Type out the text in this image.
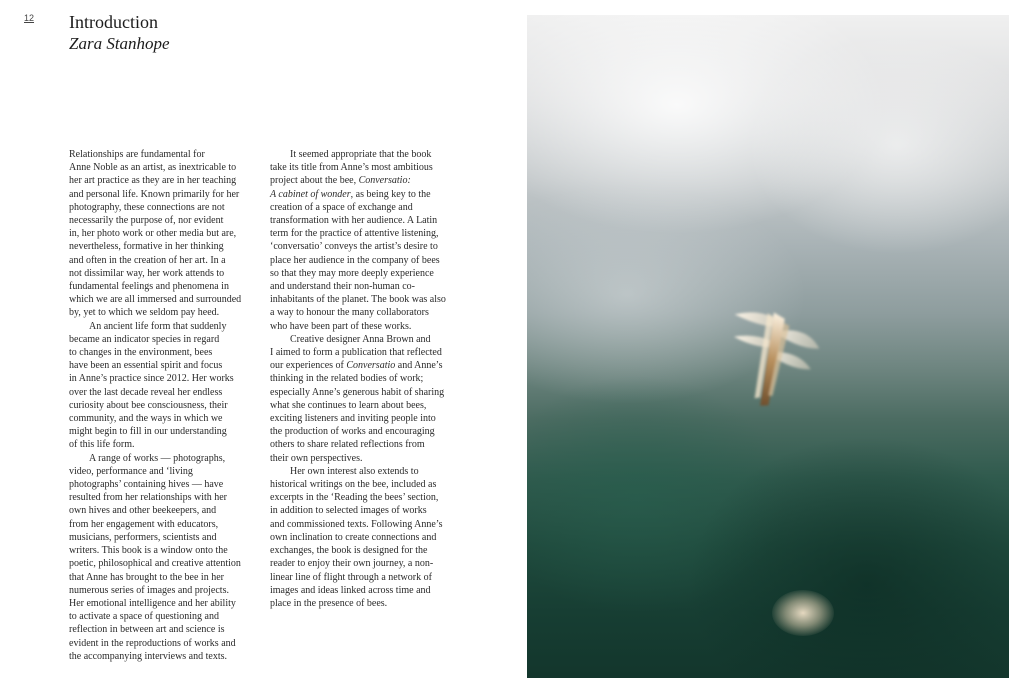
12 Introduction
Zara Stanhope

Relationships are fundamental for
Anne Noble as an artist, as inextricable to
her art practice as they are in her teaching
and personal life. Known primarily for her
photography, these connections are not
necessarily the purpose of, nor evident
in, her photo work or other media but are,
nevertheless, formative in her thinking
and often in the creation of her art. In a
not dissimilar way, her work attends to
fundamental feelings and phenomena in
which we are all immersed and surrounded
by, yet to which we seldom pay heed.

An ancient life form that suddenly
became an indicator species in regard
to changes in the environment, bees
have been an essential spirit and focus
in Anne’s practice since 2012. Her works
over the last decade reveal her endless
curiosity about bee consciousness, their
community, and the ways in which we
might begin to fill in our understanding
of this life form.

A range of works — photographs,
video, performance and ‘living
photographs’ containing hives — have
resulted from her relationships with her
own hives and other beekeepers, and
from her engagement with educators,
musicians, performers, scientists and
writers. This book is a window onto the
poetic, philosophical and creative attention
that Anne has brought to the bee in her
numerous series of images and projects.
Her emotional intelligence and her ability
to activate a space of questioning and
reflection in between art and science is
evident in the reproductions of works and
the accompanying interviews and texts.

It seemed appropriate that the book
take its title from Anne’s most ambitious
project about the bee, Conversatio:
A cabinet of wonder, as being key to the
creation of a space of exchange and
transformation with her audience. A Latin
term for the practice of attentive listening,
‘conversatio’ conveys the artist’s desire to
place her audience in the company of bees
so that they may more deeply experience
and understand their non-human co-
inhabitants of the planet. The book was also
a way to honour the many collaborators
who have been part of these works.

Creative designer Anna Brown and
I aimed to form a publication that reflected
our experiences of Conversatio and Anne’s
thinking in the related bodies of work;
especially Anne’s generous habit of sharing
what she continues to learn about bees,
exciting listeners and inviting people into
the production of works and encouraging
others to share related reflections from
their own perspectives.

Her own interest also extends to
historical writings on the bee, included as
excerpts in the ‘Reading the bees’ section,
in addition to selected images of works
and commissioned texts. Following Anne’s
own inclination to create connections and
exchanges, the book is designed for the
reader to enjoy their own journey, a non-
linear line of flight through a network of
images and ideas linked across time and
place in the presence of bees.
